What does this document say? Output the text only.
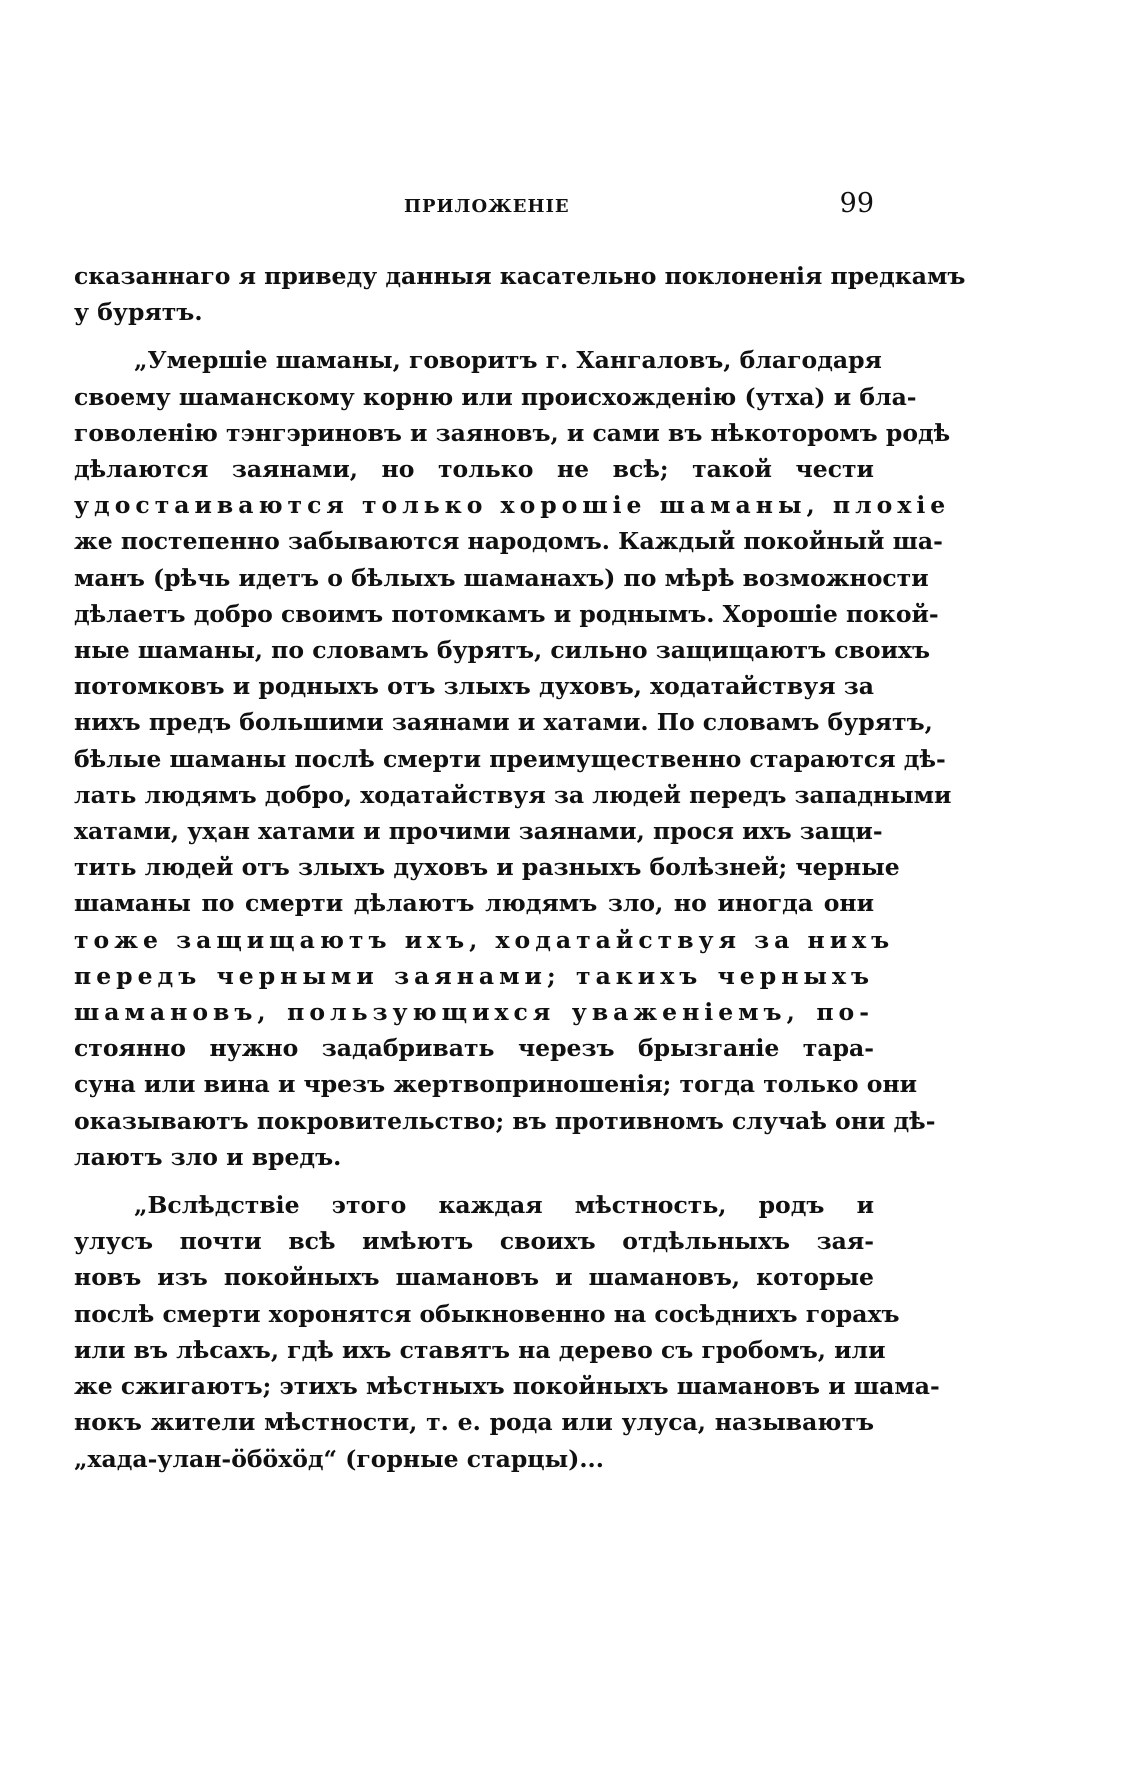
ПРИЛОЖЕНІЕ	99

сказаннаго я приведу данныя касательно поклоненія предкамъ
у бурятъ.

„Умершіе шаманы, говоритъ г. Хангаловъ, благодаря
своему шаманскому корню или происхожденію (утха) и бла-
говоленію тэнгэриновъ и заяновъ, и сами въ нѣкоторомъ родѣ
дѣлаются заянами, но только не всѣ; такой чести
удостаиваются только хорошіе шаманы, плохіе
же постепенно забываются народомъ. Каждый покойный ша-
манъ (рѣчь идетъ о бѣлыхъ шаманахъ) по мѣрѣ возможности
дѣлаетъ добро своимъ потомкамъ и роднымъ. Хорошіе покой-
ные шаманы, по словамъ бурятъ, сильно защищаютъ своихъ
потомковъ и родныхъ отъ злыхъ духовъ, ходатайствуя за
нихъ предъ большими заянами и хатами. По словамъ бурятъ,
бѣлые шаманы послѣ смерти преимущественно стараются дѣ-
лать людямъ добро, ходатайствуя за людей передъ западными
хатами, уҳан хатами и прочими заянами, прося ихъ защи-
тить людей отъ злыхъ духовъ и разныхъ болѣзней; черные
шаманы по смерти дѣлаютъ людямъ зло, но иногда они
тоже защищаютъ ихъ, ходатайствуя за нихъ
передъ черными заянами; такихъ черныхъ
шамановъ, пользующихся уваженіемъ, по-
стоянно нужно задабривать черезъ брызганіе тара-
суна или вина и чрезъ жертвоприношенія; тогда только они
оказываютъ покровительство; въ противномъ случаѣ они дѣ-
лаютъ зло и вредъ.

„Вслѣдствіе этого каждая мѣстность, родъ и
улусъ почти всѣ имѣютъ своихъ отдѣльныхъ зая-
новъ изъ покойныхъ шамановъ и шамановъ, которые
послѣ смерти хоронятся обыкновенно на сосѣднихъ горахъ
или въ лѣсахъ, гдѣ ихъ ставятъ на дерево съ гробомъ, или
же сжигаютъ; этихъ мѣстныхъ покойныхъ шамановъ и шама-
нокъ жители мѣстности, т. е. рода или улуса, называютъ
„хада-улан-ӧбӧхӧд“ (горные старцы)...
